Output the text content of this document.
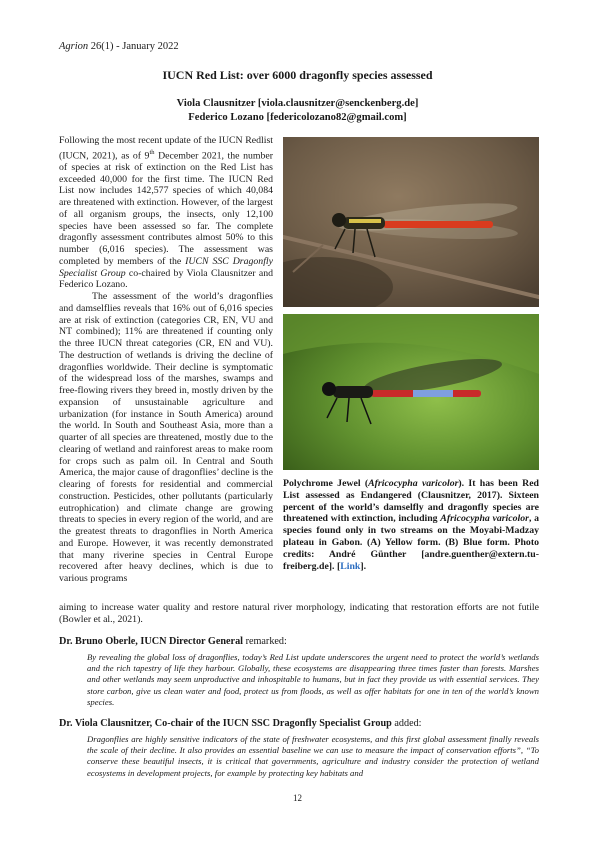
Agrion 26(1) - January 2022
IUCN Red List: over 6000 dragonfly species assessed
Viola Clausnitzer [viola.clausnitzer@senckenberg.de]
Federico Lozano [federicolozano82@gmail.com]

Following the most recent update of the IUCN Redlist (IUCN, 2021), as of 9th December 2021, the number of species at risk of extinction on the Red List has exceeded 40,000 for the first time. The IUCN Red List now includes 142,577 species of which 40,084 are threatened with extinction. However, of the largest of all organism groups, the insects, only 12,100 species have been assessed so far. The complete dragonfly assessment contributes almost 50% to this number (6,016 species). The assessment was completed by members of the IUCN SSC Dragonfly Specialist Group co-chaired by Viola Clausnitzer and Federico Lozano.

The assessment of the world’s dragonflies and damselflies reveals that 16% out of 6,016 species are at risk of extinction (categories CR, EN, VU and NT combined); 11% are threatened if counting only the three IUCN threat categories (CR, EN and VU). The destruction of wetlands is driving the decline of dragonflies worldwide. Their decline is symptomatic of the widespread loss of the marshes, swamps and free-flowing rivers they breed in, mostly driven by the expansion of unsustainable agriculture and urbanization (for instance in South America) around the world. In South and Southeast Asia, more than a quarter of all species are threatened, mostly due to the clearing of wetland and rainforest areas to make room for crops such as palm oil. In Central and South America, the major cause of dragonflies’ decline is the clearing of forests for residential and commercial construction. Pesticides, other pollutants (particularly eutrophication) and climate change are growing threats to species in every region of the world, and are the greatest threats to dragonflies in North America and Europe. However, it was recently demonstrated that many riverine species in Central Europe recovered after heavy declines, which is due to various programs

Polychrome Jewel (Africocypha varicolor). It has been Red List assessed as Endangered (Clausnitzer, 2017). Sixteen percent of the world’s damselfly and dragonfly species are threatened with extinction, including Africocypha varicolor, a species found only in two streams on the Moyabi-Madzay plateau in Gabon. (A) Yellow form. (B) Blue form. Photo credits: André Günther [andre.guenther@extern.tu-freiberg.de]. [Link].
aiming to increase water quality and restore natural river morphology, indicating that restoration efforts are not futile (Bowler et al., 2021).
Dr. Bruno Oberle, IUCN Director General remarked:
By revealing the global loss of dragonflies, today’s Red List update underscores the urgent need to protect the world’s wetlands and the rich tapestry of life they harbour. Globally, these ecosystems are disappearing three times faster than forests. Marshes and other wetlands may seem unproductive and inhospitable to humans, but in fact they provide us with essential services. They store carbon, give us clean water and food, protect us from floods, as well as offer habitats for one in ten of the world’s known species.
Dr. Viola Clausnitzer, Co-chair of the IUCN SSC Dragonfly Specialist Group added:
Dragonflies are highly sensitive indicators of the state of freshwater ecosystems, and this first global assessment finally reveals the scale of their decline. It also provides an essential baseline we can use to measure the impact of conservation efforts”, “To conserve these beautiful insects, it is critical that governments, agriculture and industry consider the protection of wetland ecosystems in development projects, for example by protecting key habitats and
12
